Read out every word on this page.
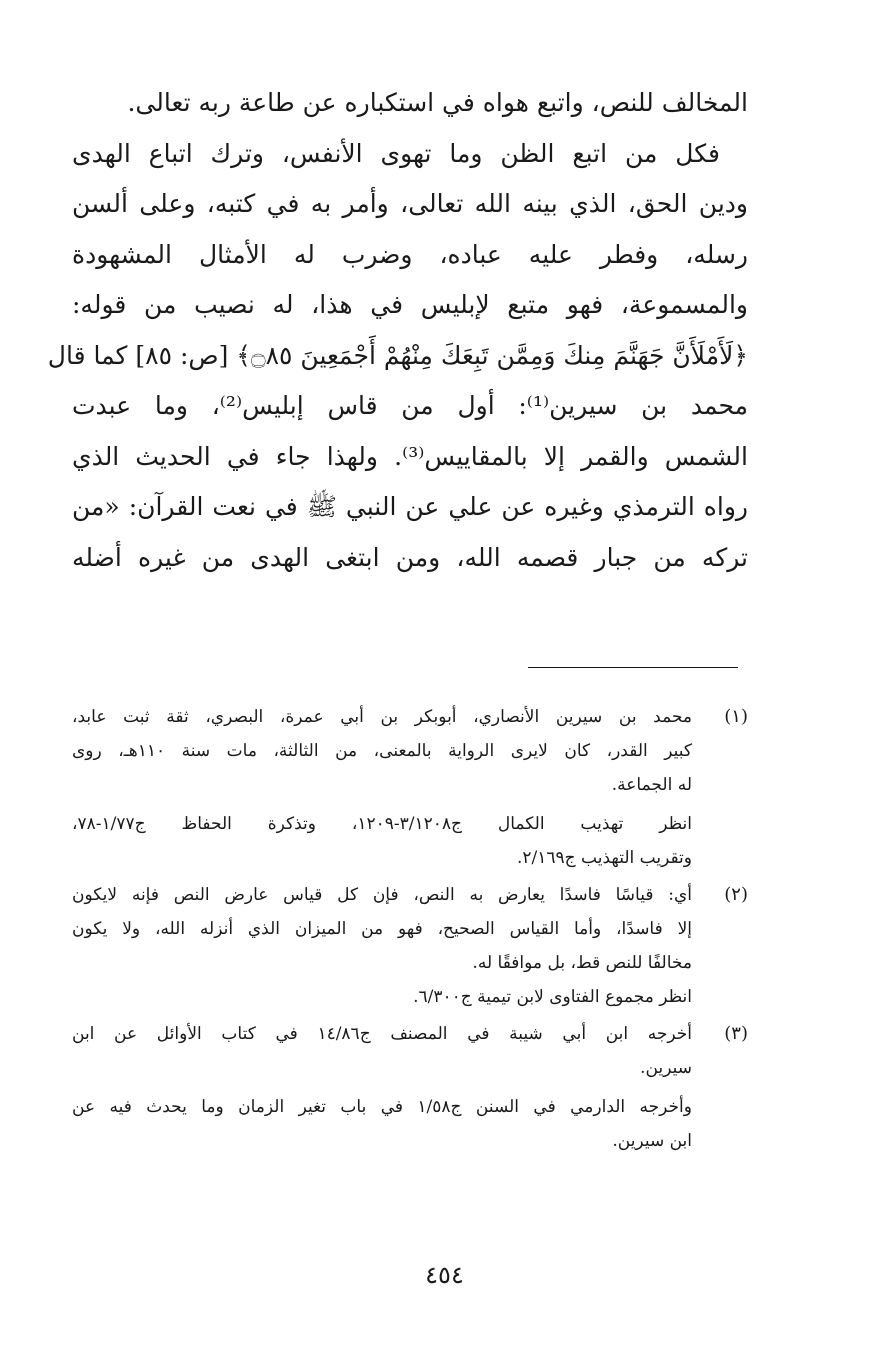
المخالف للنص، واتبع هواه في استكباره عن طاعة ربه تعالى.
فكل من اتبع الظن وما تهوى الأنفس، وترك اتباع الهدى
ودين الحق، الذي بينه الله تعالى، وأمر به في كتبه، وعلى ألسن
رسله، وفطر عليه عباده، وضرب له الأمثال المشهودة
والمسموعة، فهو متبع لإبليس في هذا، له نصيب من قوله:
﴿لَأَمْلَأَنَّ جَهَنَّمَ مِنكَ وَمِمَّن تَبِعَكَ مِنْهُمْ أَجْمَعِينَ ۝٨٥﴾ [ص: ٨٥] كما قال
محمد بن سيرين⁽¹⁾: أول من قاس إبليس⁽²⁾، وما عبدت
الشمس والقمر إلا بالمقاييس⁽³⁾. ولهذا جاء في الحديث الذي
رواه الترمذي وغيره عن علي عن النبي ﷺ في نعت القرآن: «من
تركه من جبار قصمه الله، ومن ابتغى الهدى من غيره أضله
(١)
محمد بن سيرين الأنصاري، أبوبكر بن أبي عمرة، البصري، ثقة ثبت عابد،
كبير القدر، كان لايرى الرواية بالمعنى، من الثالثة، مات سنة ١١٠هـ، روى
له الجماعة.
انظر تهذيب الكمال ج٣/١٢٠٨-١٢٠٩، وتذكرة الحفاظ ج١/٧٧-٧٨،
وتقريب التهذيب ج٢/١٦٩.
(٢)
أي: قياسًا فاسدًا يعارض به النص، فإن كل قياس عارض النص فإنه لايكون
إلا فاسدًا، وأما القياس الصحيح، فهو من الميزان الذي أنزله الله، ولا يكون
مخالفًا للنص قط، بل موافقًا له.
انظر مجموع الفتاوى لابن تيمية ج٦/٣٠٠.
(٣)
أخرجه ابن أبي شيبة في المصنف ج١٤/٨٦ في كتاب الأوائل عن ابن
سيرين.
وأخرجه الدارمي في السنن ج١/٥٨ في باب تغير الزمان وما يحدث فيه عن
ابن سيرين.
٤٥٤
